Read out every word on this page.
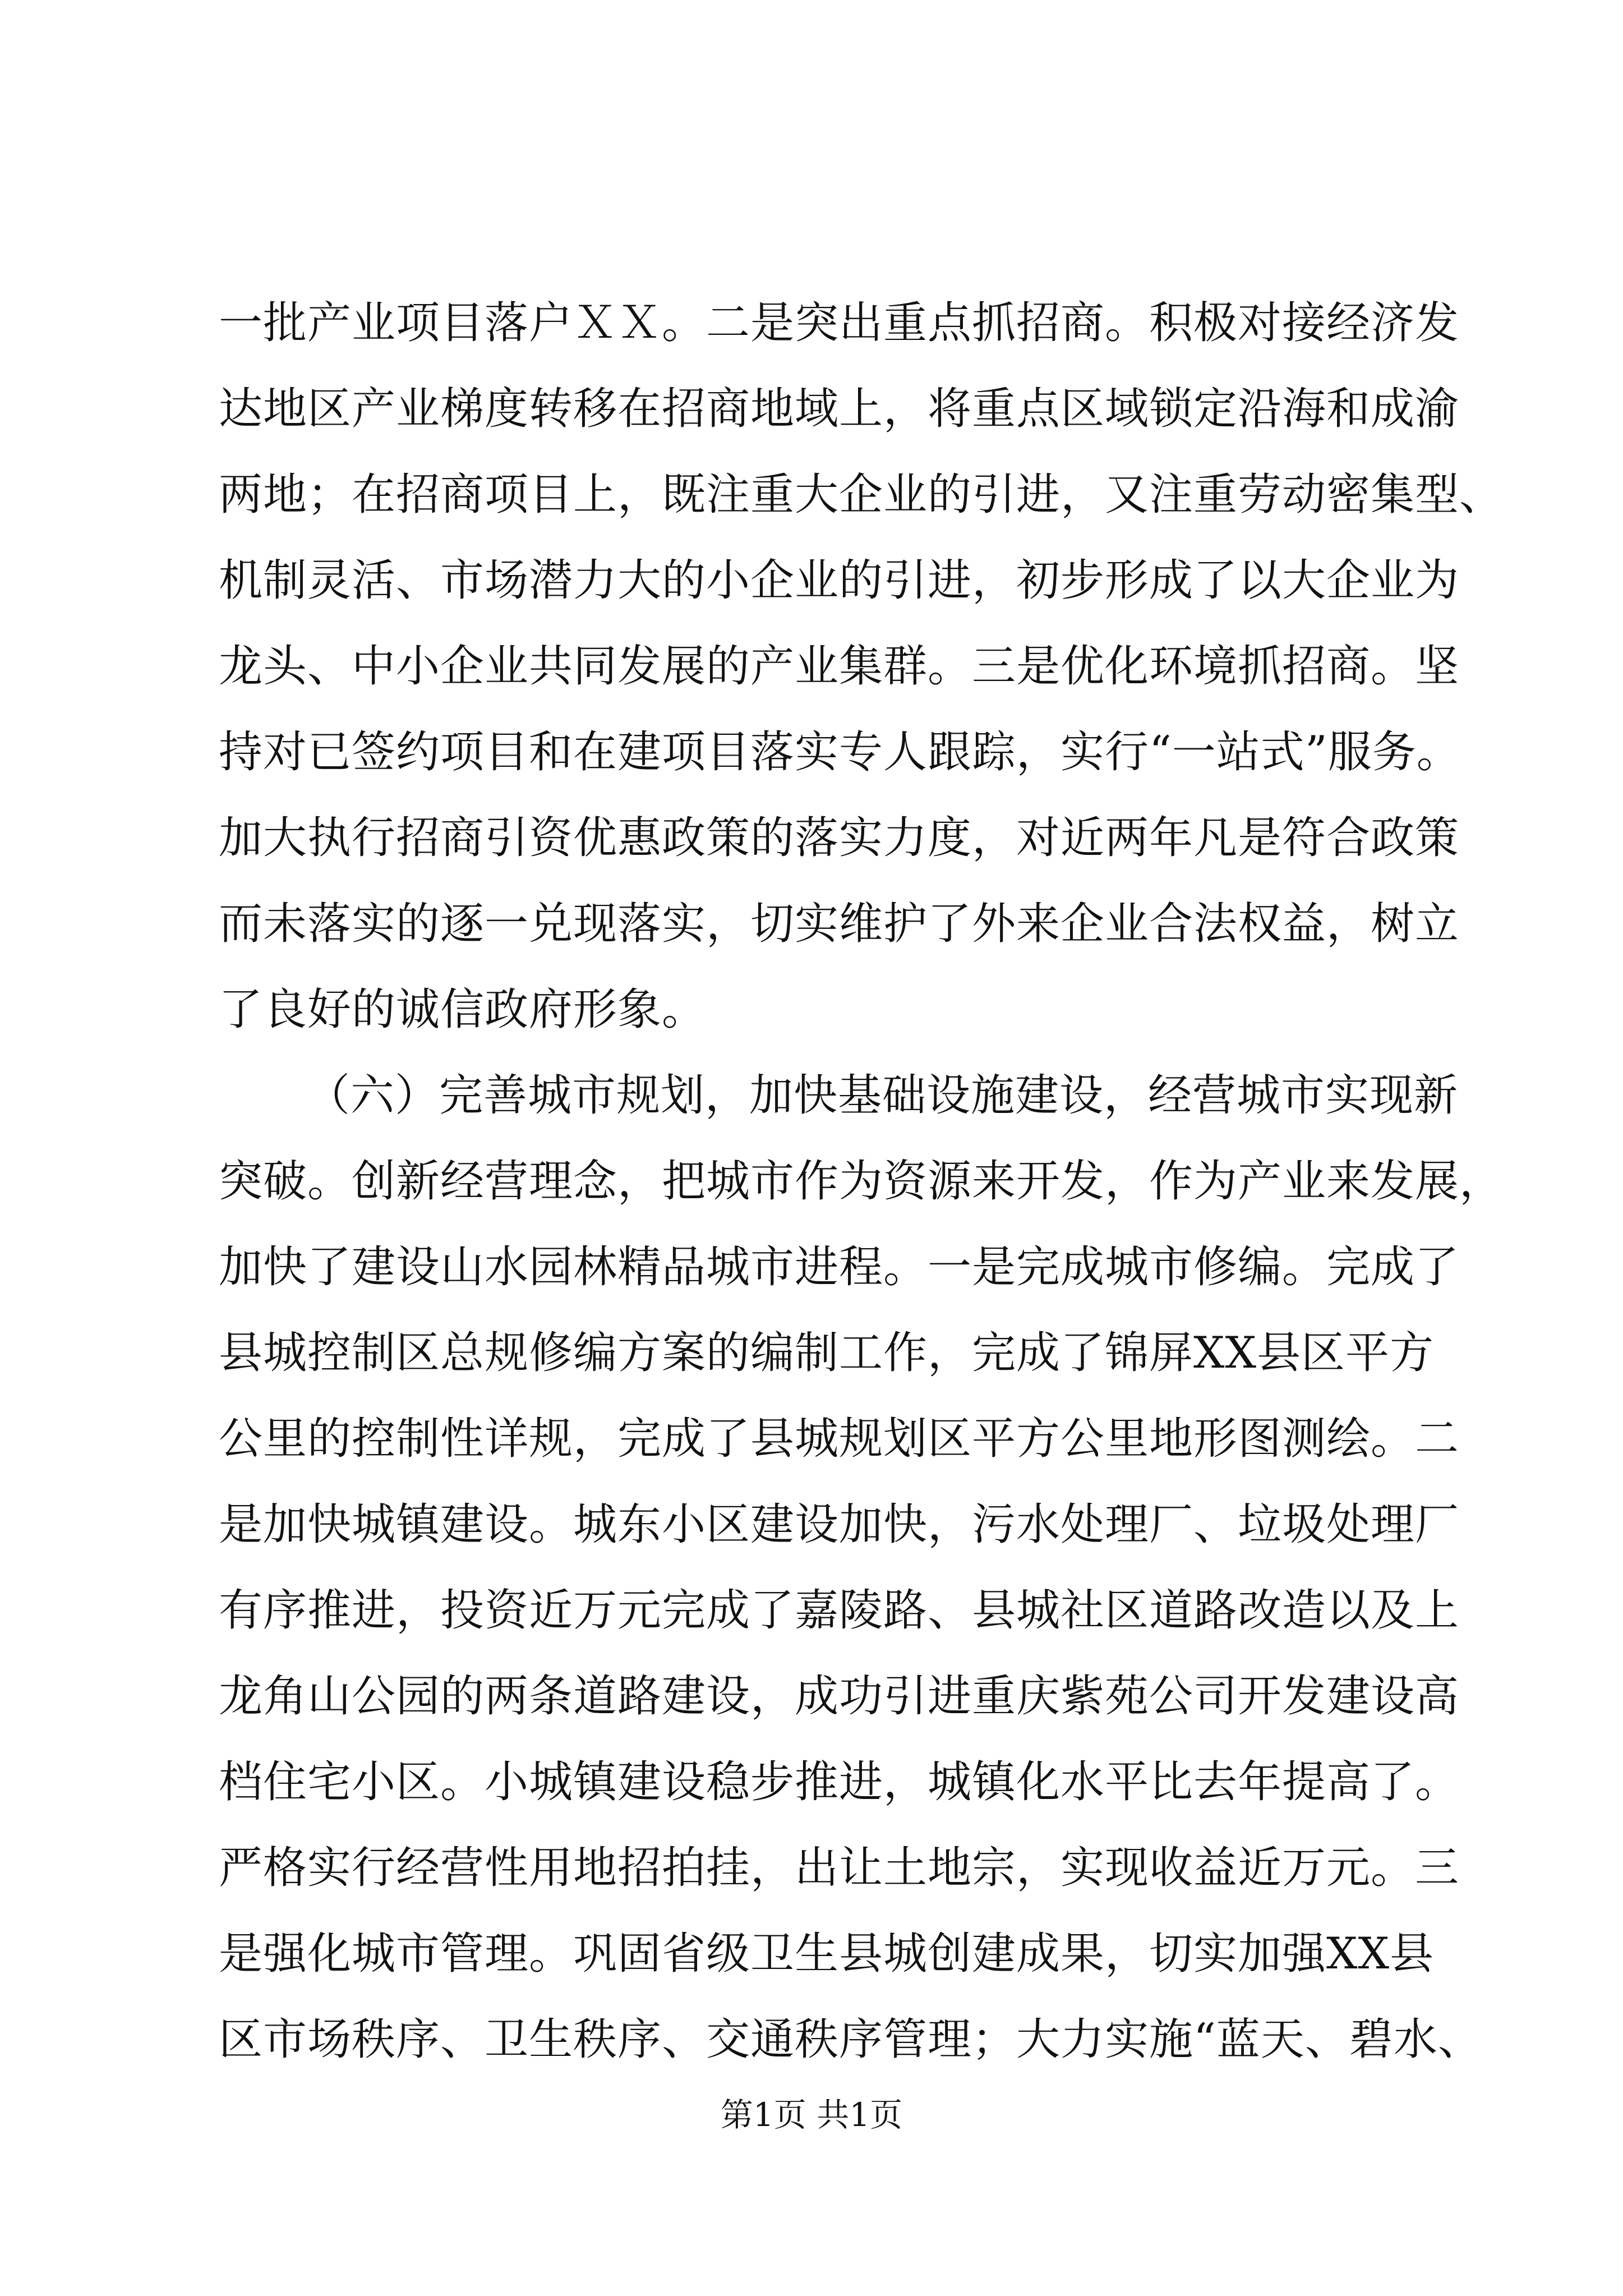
一批产业项目落户ＸＸ。二是突出重点抓招商。积极对接经济发
达地区产业梯度转移在招商地域上，将重点区域锁定沿海和成渝
两地；在招商项目上，既注重大企业的引进，又注重劳动密集型、
机制灵活、市场潜力大的小企业的引进，初步形成了以大企业为
龙头、中小企业共同发展的产业集群。三是优化环境抓招商。坚
持对已签约项目和在建项目落实专人跟踪，实行“一站式”服务。
加大执行招商引资优惠政策的落实力度，对近两年凡是符合政策
而未落实的逐一兑现落实，切实维护了外来企业合法权益，树立
了良好的诚信政府形象。
（六）完善城市规划，加快基础设施建设，经营城市实现新
突破。创新经营理念，把城市作为资源来开发，作为产业来发展，
加快了建设山水园林精品城市进程。一是完成城市修编。完成了
县城控制区总规修编方案的编制工作，完成了锦屏XX县区平方
公里的控制性详规，完成了县城规划区平方公里地形图测绘。二
是加快城镇建设。城东小区建设加快，污水处理厂、垃圾处理厂
有序推进，投资近万元完成了嘉陵路、县城社区道路改造以及上
龙角山公园的两条道路建设，成功引进重庆紫苑公司开发建设高
档住宅小区。小城镇建设稳步推进，城镇化水平比去年提高了。
严格实行经营性用地招拍挂，出让土地宗，实现收益近万元。三
是强化城市管理。巩固省级卫生县城创建成果，切实加强XX县
区市场秩序、卫生秩序、交通秩序管理；大力实施“蓝天、碧水、
第1页 共1页
